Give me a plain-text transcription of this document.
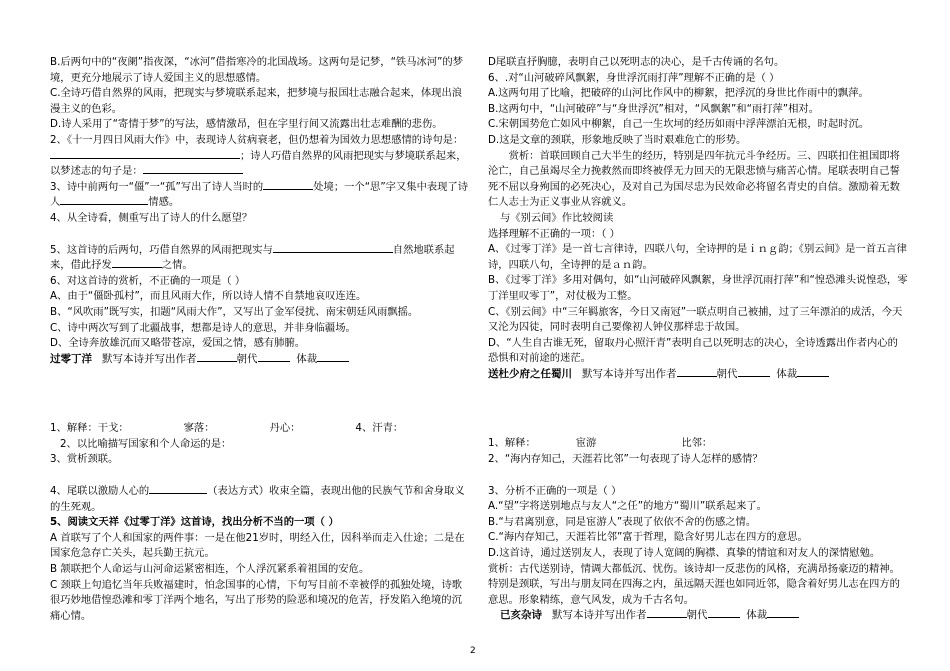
B.后两句中的“夜阑”指夜深，“冰河”借指寒冷的北国战场。这两句是记梦，“铁马冰河”的梦境，更充分地展示了诗人爱国主义的思想感情。

C.全诗巧借自然界的风雨，把现实与梦境联系起来，把梦境与报国壮志融合起来，体现出浪漫主义的色彩。

D.诗人采用了“寄情于梦”的写法，感情激昂，但在字里行间又流露出壮志难酬的悲伤。

2、《十一月四日风雨大作》中，表现诗人贫病衰老，但仍想着为国效力思想感情的诗句是：；诗人巧借自然界的风雨把现实与梦境联系起来，以梦述志的句子是：

3、诗中前两句一“僵”一“孤”写出了诗人当时的	处境；一个“思”字又集中表现了诗人	情感。

4、从全诗看，侧重写出了诗人的什么愿望？

5、这首诗的后两句，巧借自然界的风雨把现实与	自然地联系起来，借此抒发	之情。

6、对这首诗的赏析，不正确的一项是（ ）

A、由于“僵卧孤村”，而且风雨大作，所以诗人情不自禁地哀叹连连。

B、“风吹雨”既写实，扣题“风雨大作”，又写出了金军侵扰、南宋朝廷风雨飘摇。

C、诗中两次写到了北疆战事，想都是诗人的意思，并非身临疆场。

D、全诗奔放雄沉而又略带苍凉，爱国之情，感有肺腑。

过零丁洋 默写本诗并写出作者	朝代	体裁

1、解释：干戈：	寥落：	丹心：	4、汗青：

2、以比喻描写国家和个人命运的是：

3、赏析颈联。

4、尾联以激励人心的	（表达方式）收束全篇，表现出他的民族气节和舍身取义的生死观。

5、阅读文天祥《过零丁洋》这首诗，找出分析不当的一项（ ）

A 首联写了个人和国家的两件事：一是在他21岁时，明经入仕，因科举而走入仕途；二是在国家危急存亡关头，起兵勤王抗元。

B 颔联把个人命运与山河命运紧密相连，个人浮沉紧系着祖国的安危。

C 颈联上句追忆当年兵败福建时，怕念国事的心情，下句写目前不幸被俘的孤独处境，诗歌很巧妙地借惶恐滩和零丁洋两个地名，写出了形势的险恶和境况的危苦，抒发陷入绝境的沉痛心情。

D尾联直抒胸臆，表明自己以死明志的决心，是千古传诵的名句。

6、.对“山河破碎风飘絮，身世浮沉雨打萍”理解不正确的是（ ）

A.这两句用了比喻，把破碎的山河比作风中的柳絮，把浮沉的身世比作雨中的飘萍。

B.这两句中，“山河破碎”与“身世浮沉”相对，“风飘絮”和“雨打萍”相对。

C.宋朝国势危亡如风中柳絮，自己一生坎坷的经历如雨中浮萍漂泊无根，时起时沉。

D.这是文章的颈联，形象地反映了当时艰难危亡的形势。

赏析：首联回顾自己大半生的经历，特别是四年抗元斗争经历。三、四联扣住祖国即将沦亡，自己虽竭尽全力挽救然而即终被俘无力回天的无限悲愤与痛苦心情。尾联表明自己誓死不屈以身殉国的必死决心，及对自己为国尽忠为民效命必将留名青史的自信。激励着无数仁人志士为正义事业从容就义。

与《别云间》作比较阅读

选择理解不正确的一项：（ ）

A、《过零丁洋》是一首七言律诗，四联八句，全诗押的是ｉｎｇ韵；《别云间》是一首五言律诗，四联八句，全诗押的是ａｎ韵。

B、《过零丁洋》多用对偶句，如“山河破碎风飘絮，身世浮沉雨打萍”和“惶恐滩头说惶恐，零丁洋里叹零丁”，对仗极为工整。

C、《别云间》中“三年羁旅客，今日又南冠”一联点明自己被捕，过了三年漂泊的成活，今天又沦为囚徒，同时表明自己要像初人钟仪那样忠于故国。

D、“人生自古谁无死，留取丹心照汗青”表明自己以死明志的决心，全诗透露出作者内心的恐惧和对前途的迷茫。

送杜少府之任蜀川 默写本诗并写出作者	朝代	体裁

1、解释：	宦游	比邻：

2、“海内存知己，天涯若比邻”一句表现了诗人怎样的感情？

3、分析不正确的一项是（ ）

A.“望”字将送别地点与友人“之任”的地方“蜀川”联系起来了。

B.“与君离别意，同是宦游人”表现了依依不舍的伤感之情。

C.“海内存知己，天涯若比邻”富于哲理，隐含好男儿志在四方的意思。

D.这首诗，通过送别友人，表现了诗人宽阔的胸襟、真挚的情谊和对友人的深情慰勉。

赏析：古代送别诗，情调大都低沉、忧伤。该诗却一反悲伤的风格，充满昂扬豪迈的精神。特别是颈联，写出与朋友同在四海之内，虽远隔天涯也如同近邻，隐含着好男儿志在四方的意思。形象精练，意气风发，成为千古名句。

已亥杂诗 默写本诗并写出作者	朝代	体裁

2
